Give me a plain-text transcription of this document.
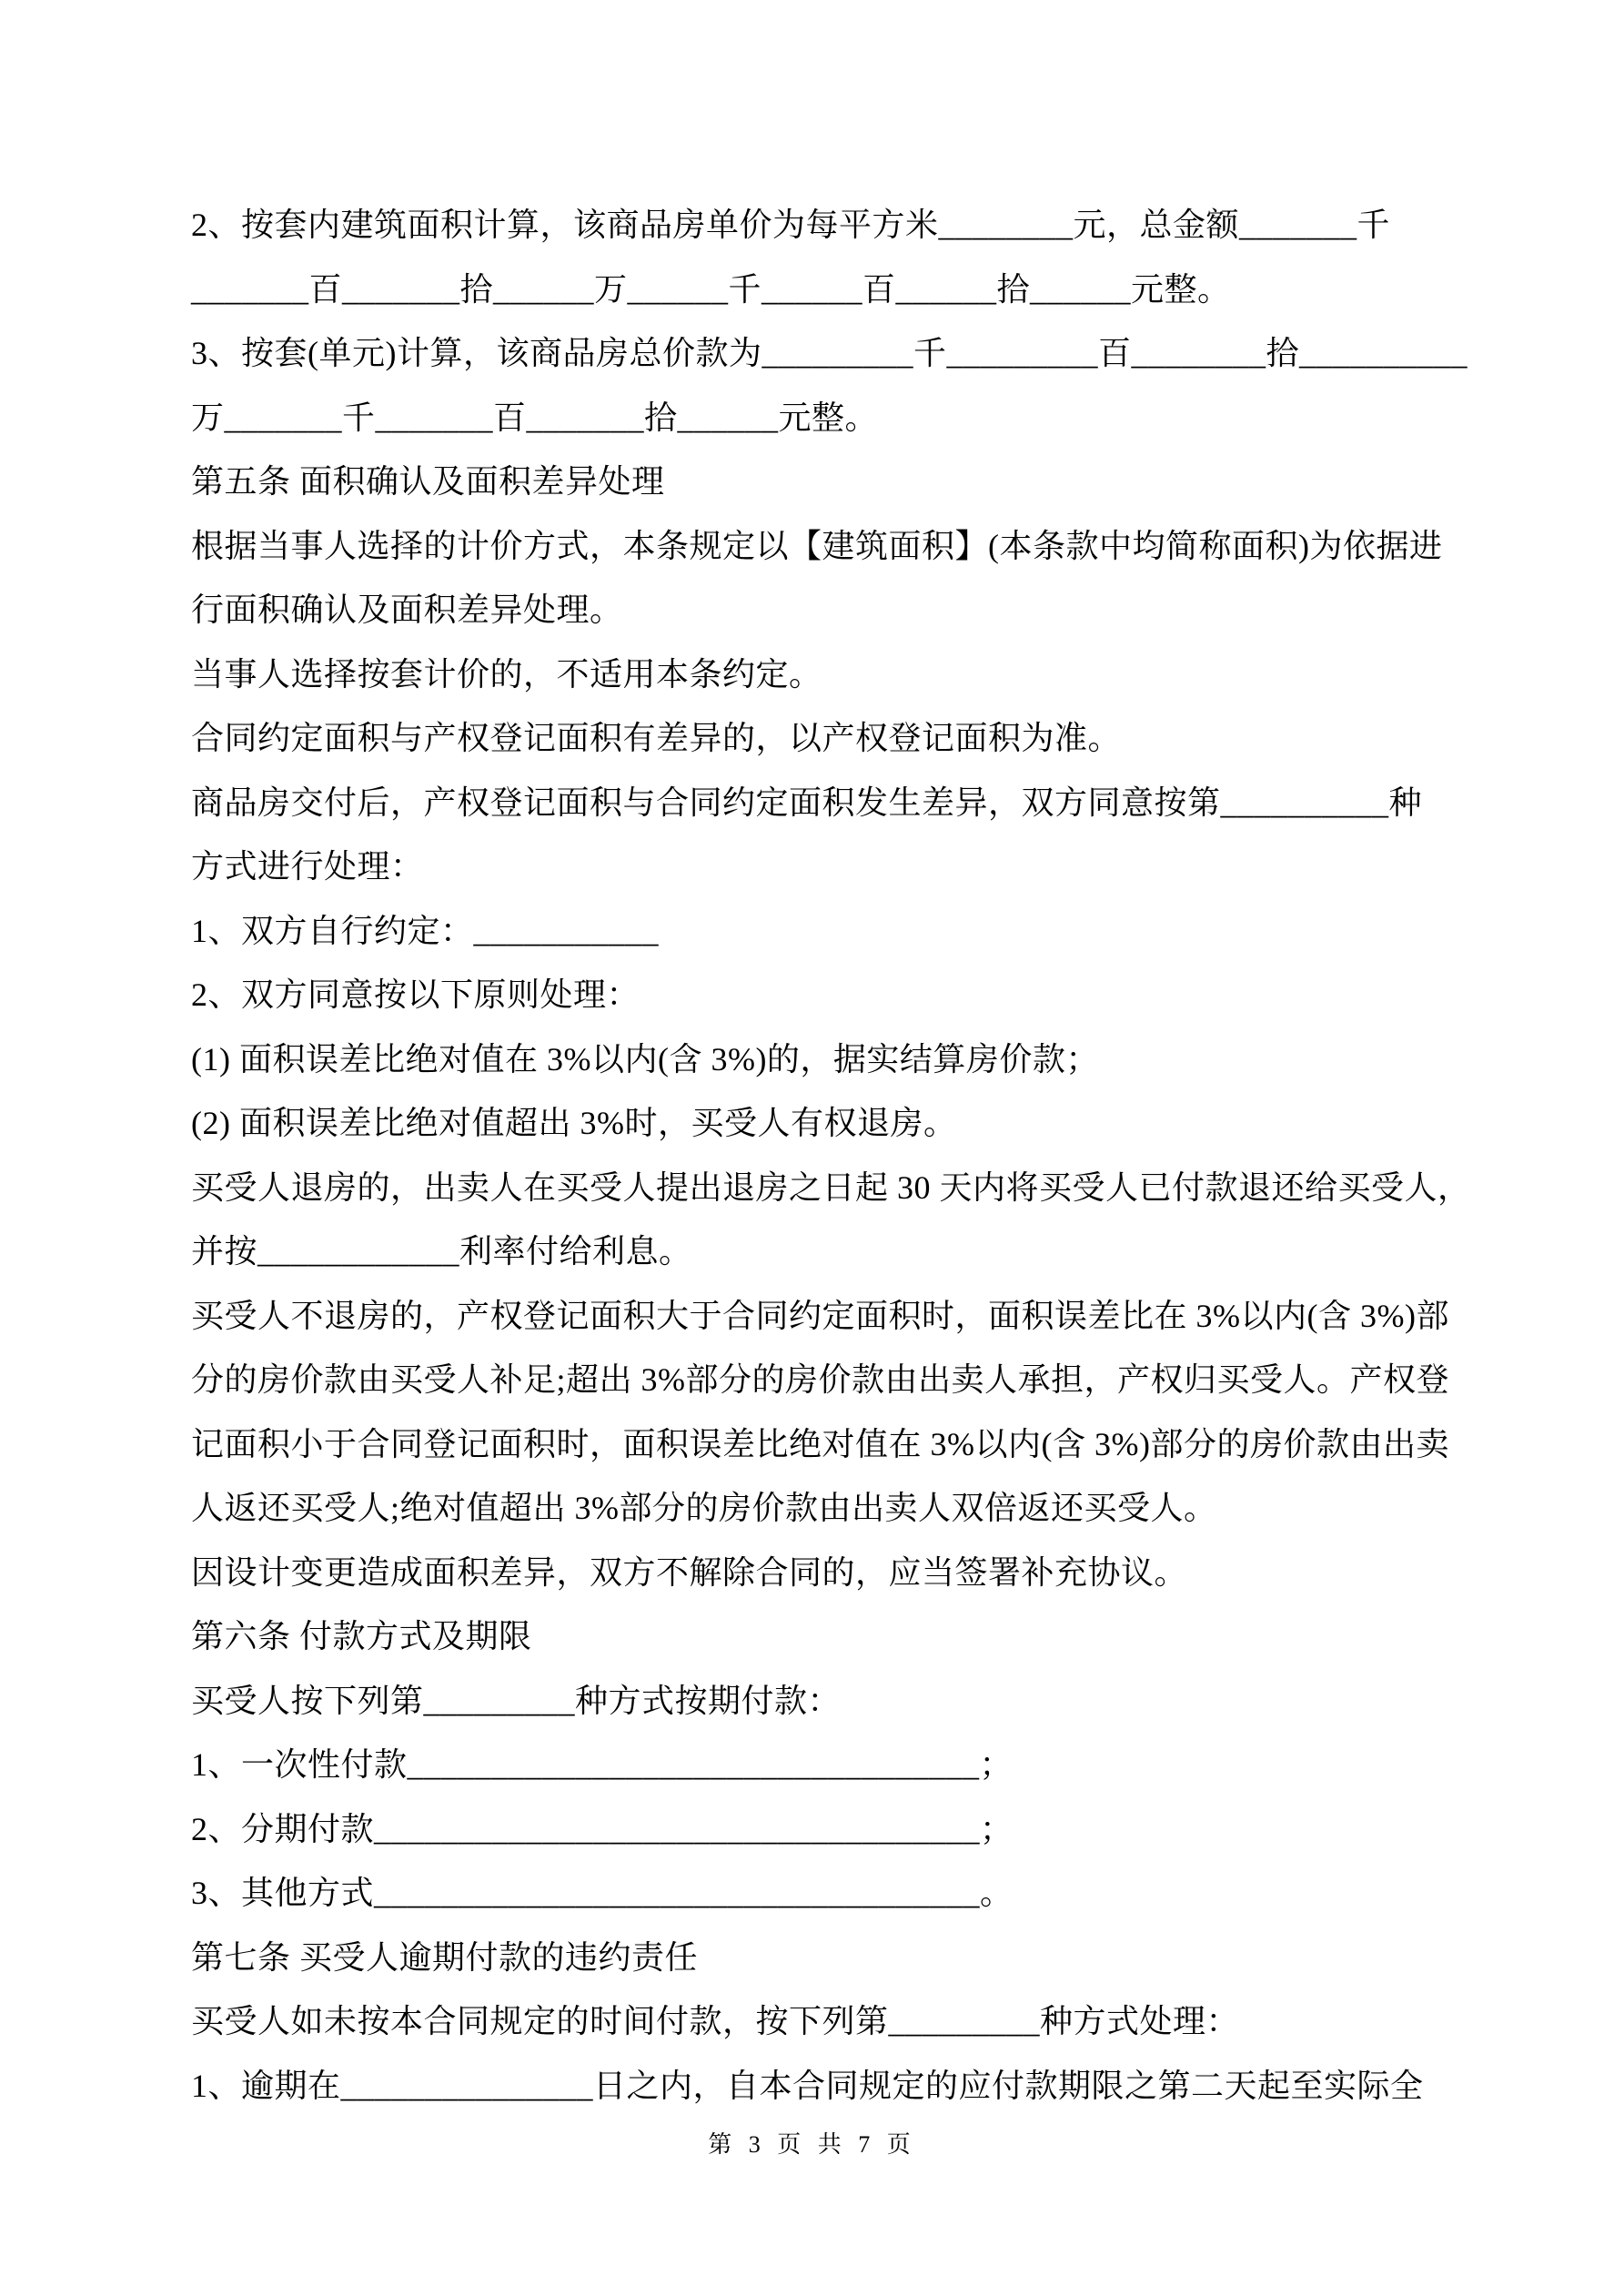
2、按套内建筑面积计算，该商品房单价为每平方米________元，总金额_______千
_______百_______拾______万______千______百______拾______元整。
3、按套(单元)计算，该商品房总价款为_________千_________百________拾__________
万_______千_______百_______拾______元整。
第五条 面积确认及面积差异处理
根据当事人选择的计价方式，本条规定以【建筑面积】(本条款中均简称面积)为依据进
行面积确认及面积差异处理。
当事人选择按套计价的，不适用本条约定。
合同约定面积与产权登记面积有差异的，以产权登记面积为准。
商品房交付后，产权登记面积与合同约定面积发生差异，双方同意按第__________种
方式进行处理：
1、双方自行约定：___________
2、双方同意按以下原则处理：
(1) 面积误差比绝对值在 3%以内(含 3%)的，据实结算房价款；
(2) 面积误差比绝对值超出 3%时，买受人有权退房。
买受人退房的，出卖人在买受人提出退房之日起 30 天内将买受人已付款退还给买受人，
并按____________利率付给利息。
买受人不退房的，产权登记面积大于合同约定面积时，面积误差比在 3%以内(含 3%)部
分的房价款由买受人补足;超出 3%部分的房价款由出卖人承担，产权归买受人。产权登
记面积小于合同登记面积时，面积误差比绝对值在 3%以内(含 3%)部分的房价款由出卖
人返还买受人;绝对值超出 3%部分的房价款由出卖人双倍返还买受人。
因设计变更造成面积差异，双方不解除合同的，应当签署补充协议。
第六条 付款方式及期限
买受人按下列第_________种方式按期付款：
1、一次性付款__________________________________；
2、分期付款____________________________________；
3、其他方式____________________________________。
第七条 买受人逾期付款的违约责任
买受人如未按本合同规定的时间付款，按下列第_________种方式处理：
1、逾期在_______________日之内，自本合同规定的应付款期限之第二天起至实际全
第 3 页 共 7 页
